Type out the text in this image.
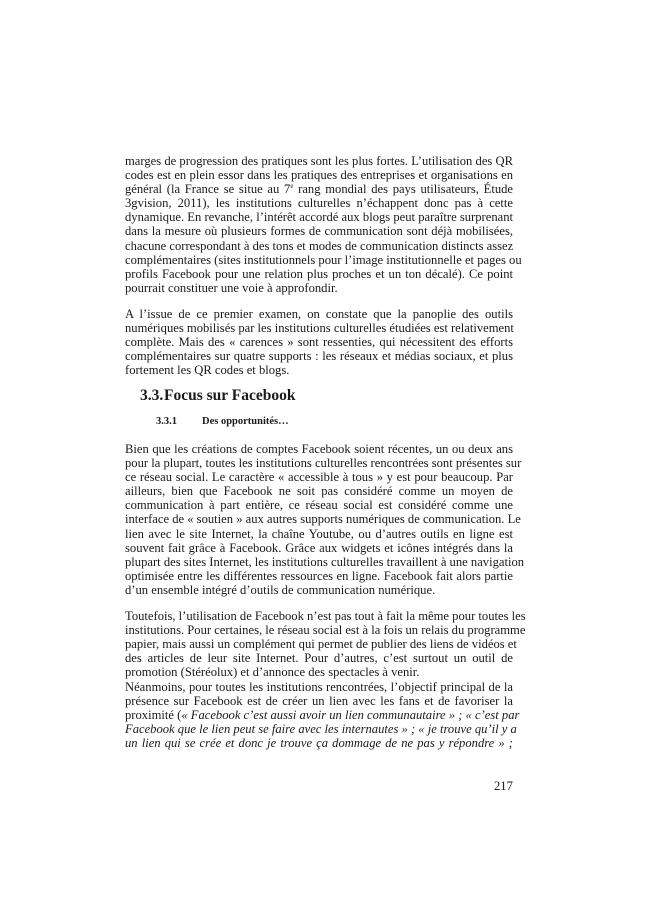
marges de progression des pratiques sont les plus fortes. L’utilisation des QR
codes est en plein essor dans les pratiques des entreprises et organisations en
général (la France se situe au 7e rang mondial des pays utilisateurs, Étude
3gvision, 2011), les institutions culturelles n’échappent donc pas à cette
dynamique. En revanche, l’intérêt accordé aux blogs peut paraître surprenant
dans la mesure où plusieurs formes de communication sont déjà mobilisées,
chacune correspondant à des tons et modes de communication distincts assez
complémentaires (sites institutionnels pour l’image institutionnelle et pages ou
profils Facebook pour une relation plus proches et un ton décalé). Ce point
pourrait constituer une voie à approfondir.
A l’issue de ce premier examen, on constate que la panoplie des outils
numériques mobilisés par les institutions culturelles étudiées est relativement
complète. Mais des « carences » sont ressenties, qui nécessitent des efforts
complémentaires sur quatre supports : les réseaux et médias sociaux, et plus
fortement les QR codes et blogs.
3.3.Focus sur Facebook
3.3.1 Des opportunités…
Bien que les créations de comptes Facebook soient récentes, un ou deux ans
pour la plupart, toutes les institutions culturelles rencontrées sont présentes sur
ce réseau social. Le caractère « accessible à tous » y est pour beaucoup. Par
ailleurs, bien que Facebook ne soit pas considéré comme un moyen de
communication à part entière, ce réseau social est considéré comme une
interface de « soutien » aux autres supports numériques de communication. Le
lien avec le site Internet, la chaîne Youtube, ou d’autres outils en ligne est
souvent fait grâce à Facebook. Grâce aux widgets et icônes intégrés dans la
plupart des sites Internet, les institutions culturelles travaillent à une navigation
optimisée entre les différentes ressources en ligne. Facebook fait alors partie
d’un ensemble intégré d’outils de communication numérique.
Toutefois, l’utilisation de Facebook n’est pas tout à fait la même pour toutes les
institutions. Pour certaines, le réseau social est à la fois un relais du programme
papier, mais aussi un complément qui permet de publier des liens de vidéos et
des articles de leur site Internet. Pour d’autres, c’est surtout un outil de
promotion (Stéréolux) et d’annonce des spectacles à venir.
Néanmoins, pour toutes les institutions rencontrées, l’objectif principal de la
présence sur Facebook est de créer un lien avec les fans et de favoriser la
proximité (« Facebook c’est aussi avoir un lien communautaire » ; « c’est par
Facebook que le lien peut se faire avec les internautes » ; « je trouve qu’il y a
un lien qui se crée et donc je trouve ça dommage de ne pas y répondre » ;
217
